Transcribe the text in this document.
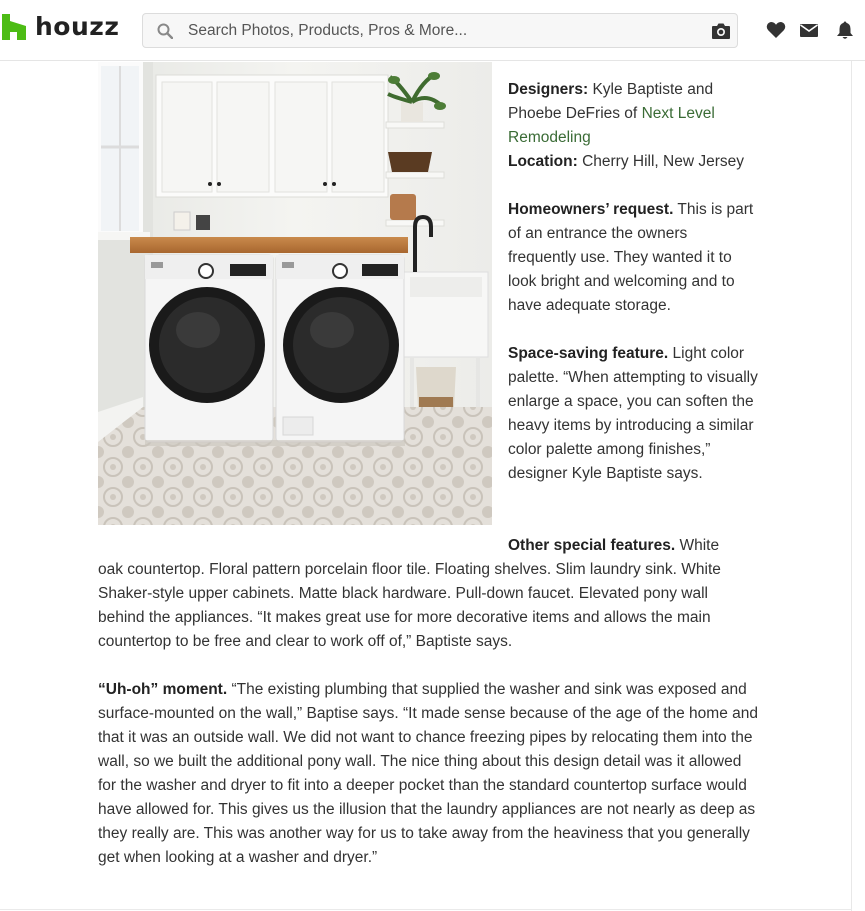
houzz
Search Photos, Products, Pros & More...

Designers: Kyle Baptiste and Phoebe DeFries of Next Level Remodeling

Location: Cherry Hill, New Jersey

Homeowners’ request. This is part of an entrance the owners frequently use. They wanted it to look bright and welcoming and to have adequate storage.

Space-saving feature. Light color palette. “When attempting to visually enlarge a space, you can soften the heavy items by introducing a similar color palette among finishes,” designer Kyle Baptiste says.

Other special features. White

oak countertop. Floral pattern porcelain floor tile. Floating shelves. Slim laundry sink. White Shaker-style upper cabinets. Matte black hardware. Pull-down faucet. Elevated pony wall behind the appliances. “It makes great use for more decorative items and allows the main countertop to be free and clear to work off of,” Baptiste says.

“Uh-oh” moment. “The existing plumbing that supplied the washer and sink was exposed and surface-mounted on the wall,” Baptise says. “It made sense because of the age of the home and that it was an outside wall. We did not want to chance freezing pipes by relocating them into the wall, so we built the additional pony wall. The nice thing about this design detail was it allowed for the washer and dryer to fit into a deeper pocket than the standard countertop surface would have allowed for. This gives us the illusion that the laundry appliances are not nearly as deep as they really are. This was another way for us to take away from the heaviness that you generally get when looking at a washer and dryer.”
